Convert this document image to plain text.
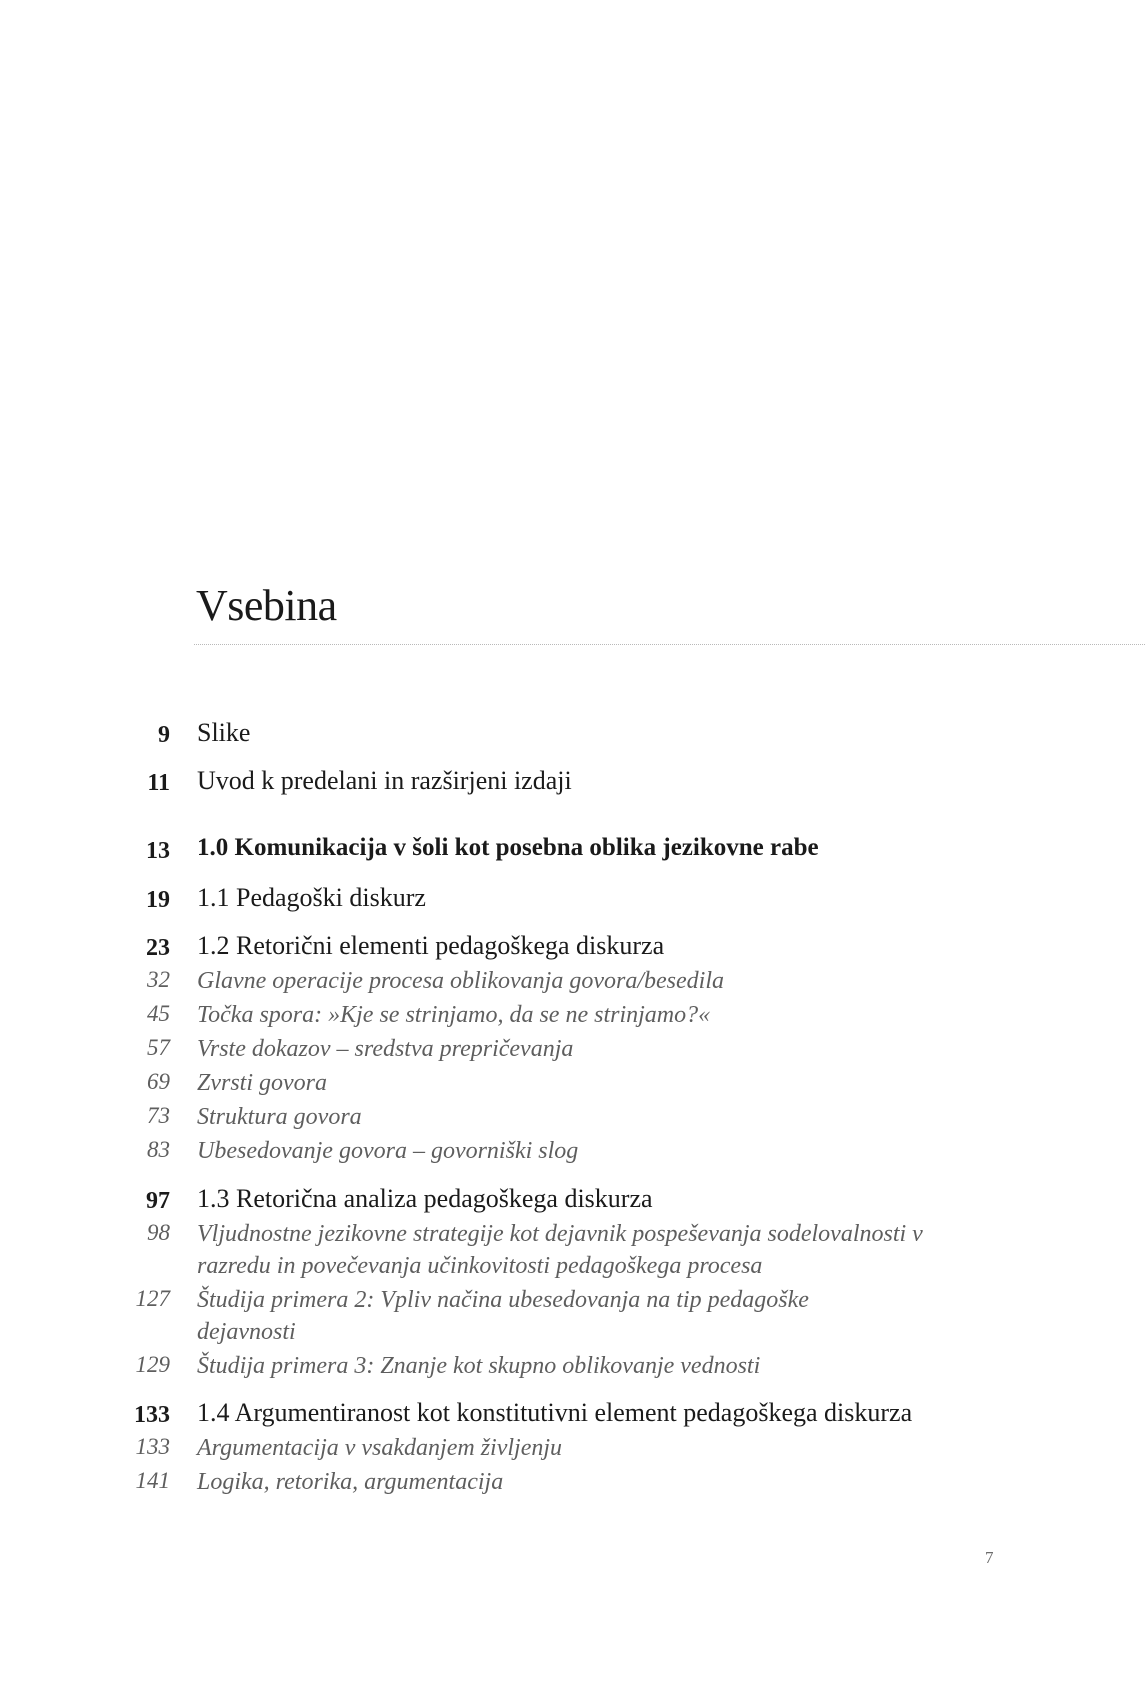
Vsebina
9 Slike
11 Uvod k predelani in razširjeni izdaji
13 1.0 Komunikacija v šoli kot posebna oblika jezikovne rabe
19 1.1 Pedagoški diskurz
23 1.2 Retorični elementi pedagoškega diskurza
32 Glavne operacije procesa oblikovanja govora/besedila
45 Točka spora: »Kje se strinjamo, da se ne strinjamo?«
57 Vrste dokazov – sredstva prepričevanja
69 Zvrsti govora
73 Struktura govora
83 Ubesedovanje govora – govorniški slog
97 1.3 Retorična analiza pedagoškega diskurza
98 Vljudnostne jezikovne strategije kot dejavnik pospeševanja sodelovalnosti v razredu in povečevanja učinkovitosti pedagoškega procesa
127 Študija primera 2: Vpliv načina ubesedovanja na tip pedagoške dejavnosti
129 Študija primera 3: Znanje kot skupno oblikovanje vednosti
133 1.4 Argumentiranost kot konstitutivni element pedagoškega diskurza
133 Argumentacija v vsakdanjem življenju
141 Logika, retorika, argumentacija
7
